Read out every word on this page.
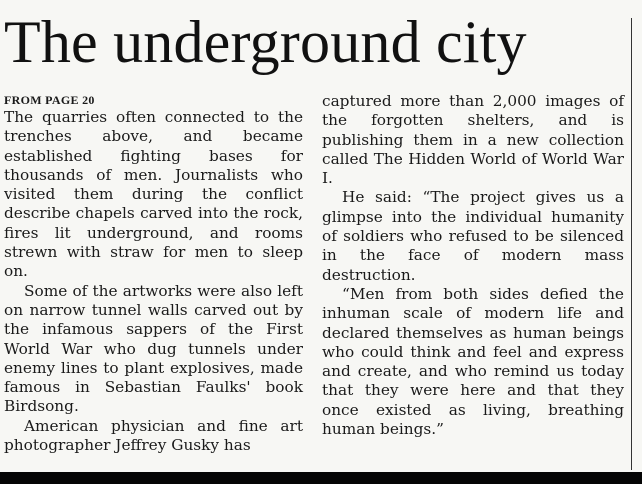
The underground city
FROM PAGE 20

The quarries often connected to the trenches above, and became established fighting bases for thousands of men. Journalists who visited them during the conflict describe chapels carved into the rock, fires lit underground, and rooms strewn with straw for men to sleep on.

Some of the artworks were also left on narrow tunnel walls carved out by the infamous sappers of the First World War who dug tunnels under enemy lines to plant explosives, made famous in Sebastian Faulks' book Birdsong.

American physician and fine art photographer Jeffrey Gusky has

captured more than 2,000 images of the forgotten shelters, and is publishing them in a new collection called The Hidden World of World War I.

He said: “The project gives us a glimpse into the individual humanity of soldiers who refused to be silenced in the face of modern mass destruction.

“Men from both sides defied the inhuman scale of modern life and declared themselves as human beings who could think and feel and express and create, and who remind us today that they were here and that they once existed as living, breathing human beings.”
